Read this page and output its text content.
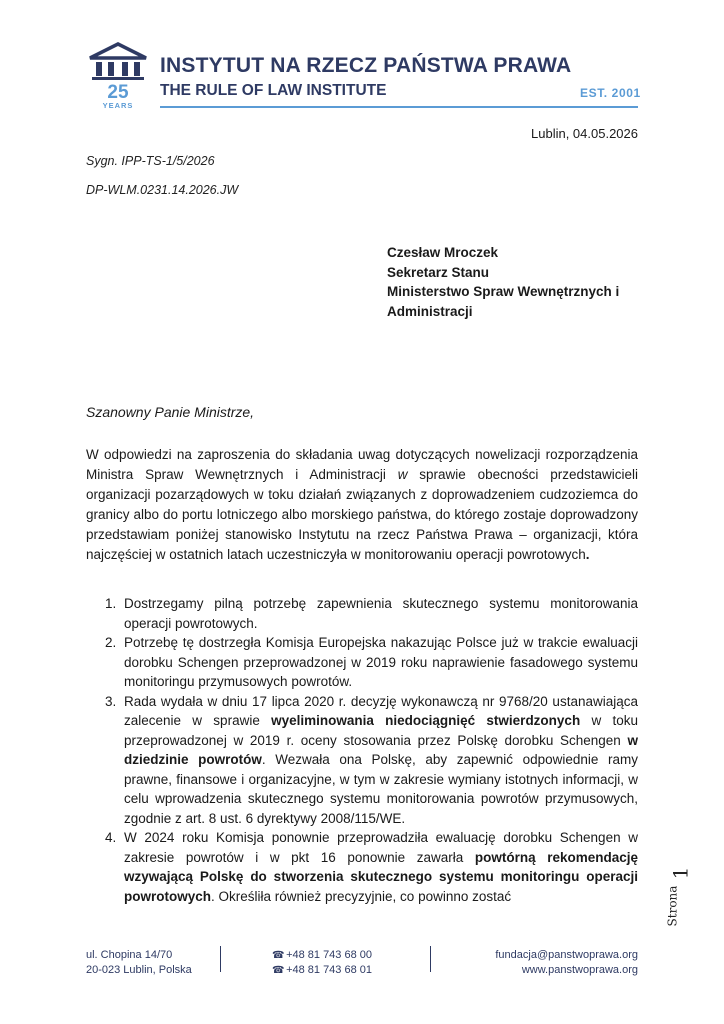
25
YEARS
INSTYTUT NA RZECZ PAŃSTWA PRAWA
THE RULE OF LAW INSTITUTE	EST. 2001
Lublin, 04.05.2026
Sygn. IPP-TS-1/5/2026
DP-WLM.0231.14.2026.JW
Czesław Mroczek
Sekretarz Stanu
Ministerstwo Spraw Wewnętrznych i Administracji
Szanowny Panie Ministrze,
W odpowiedzi na zaproszenia do składania uwag dotyczących nowelizacji rozporządzenia Ministra Spraw Wewnętrznych i Administracji w sprawie obecności przedstawicieli organizacji pozarządowych w toku działań związanych z doprowadzeniem cudzoziemca do granicy albo do portu lotniczego albo morskiego państwa, do którego zostaje doprowadzony przedstawiam poniżej stanowisko Instytutu na rzecz Państwa Prawa – organizacji, która najczęściej w ostatnich latach uczestniczyła w monitorowaniu operacji powrotowych.
1. Dostrzegamy pilną potrzebę zapewnienia skutecznego systemu monitorowania operacji powrotowych.
2. Potrzebę tę dostrzegła Komisja Europejska nakazując Polsce już w trakcie ewaluacji dorobku Schengen przeprowadzonej w 2019 roku naprawienie fasadowego systemu monitoringu przymusowych powrotów.
3. Rada wydała w dniu 17 lipca 2020 r. decyzję wykonawczą nr 9768/20 ustanawiająca zalecenie w sprawie wyeliminowania niedociągnięć stwierdzonych w toku przeprowadzonej w 2019 r. oceny stosowania przez Polskę dorobku Schengen w dziedzinie powrotów. Wezwała ona Polskę, aby zapewnić odpowiednie ramy prawne, finansowe i organizacyjne, w tym w zakresie wymiany istotnych informacji, w celu wprowadzenia skutecznego systemu monitorowania powrotów przymusowych, zgodnie z art. 8 ust. 6 dyrektywy 2008/115/WE.
4. W 2024 roku Komisja ponownie przeprowadziła ewaluację dorobku Schengen w zakresie powrotów i w pkt 16 ponownie zawarła powtórną rekomendację wzywającą Polskę do stworzenia skutecznego systemu monitoringu operacji powrotowych. Określiła również precyzyjnie, co powinno zostać
1
Strona
ul. Chopina 14/70
20-023 Lublin, Polska
☎ +48 81 743 68 00
☎ +48 81 743 68 01
fundacja@panstwoprawa.org
www.panstwoprawa.org
